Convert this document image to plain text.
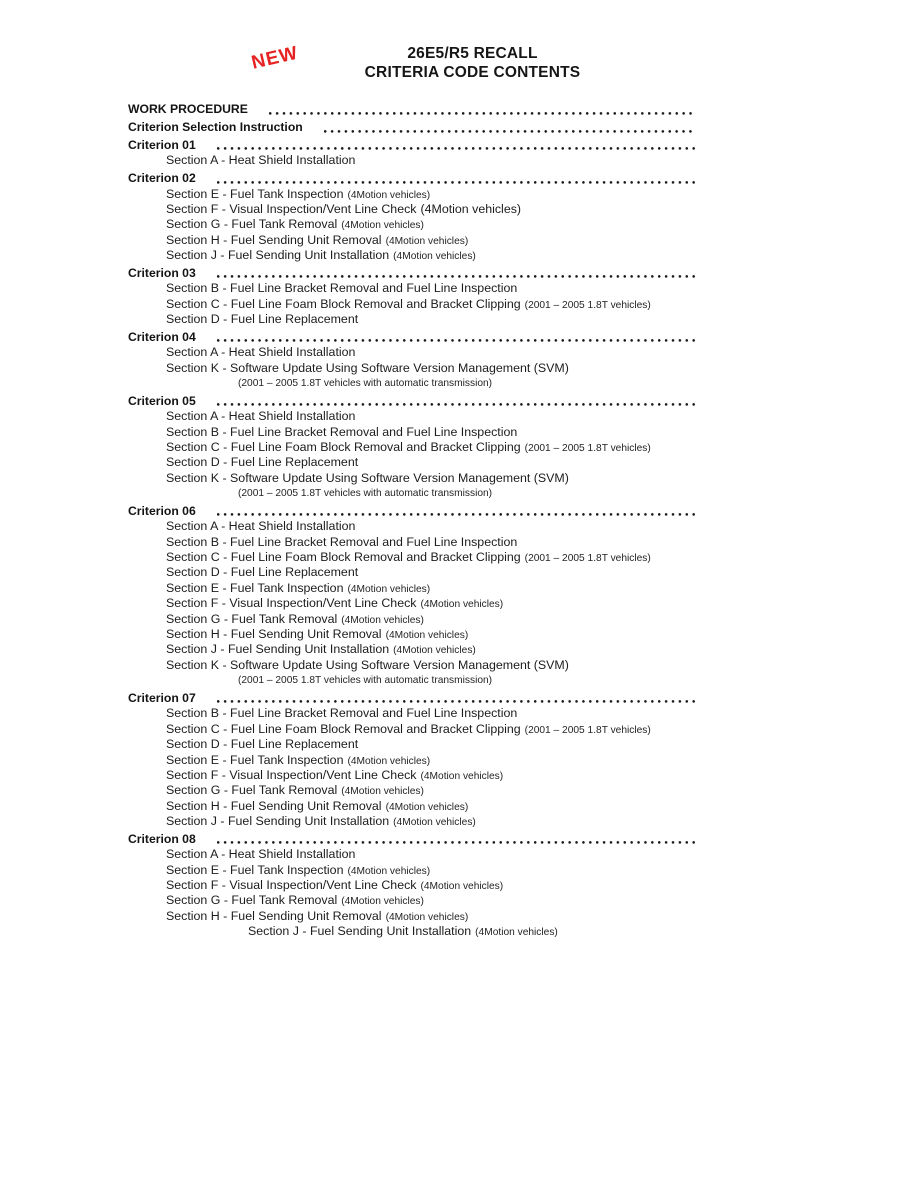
NEW	26E5/R5 RECALL
CRITERIA CODE CONTENTS
WORK PROCEDURE
Criterion Selection Instruction
Criterion 01
Section A - Heat Shield Installation
Criterion 02
Section E - Fuel Tank Inspection (4Motion vehicles)
Section F - Visual Inspection/Vent Line Check (4Motion vehicles)
Section G - Fuel Tank Removal (4Motion vehicles)
Section H - Fuel Sending Unit Removal (4Motion vehicles)
Section J - Fuel Sending Unit Installation (4Motion vehicles)
Criterion 03
Section B - Fuel Line Bracket Removal and Fuel Line Inspection
Section C - Fuel Line Foam Block Removal and Bracket Clipping (2001 – 2005 1.8T vehicles)
Section D - Fuel Line Replacement
Criterion 04
Section A - Heat Shield Installation
Section K - Software Update Using Software Version Management (SVM)
(2001 – 2005 1.8T vehicles with automatic transmission)
Criterion 05
Section A - Heat Shield Installation
Section B - Fuel Line Bracket Removal and Fuel Line Inspection
Section C - Fuel Line Foam Block Removal and Bracket Clipping (2001 – 2005 1.8T vehicles)
Section D - Fuel Line Replacement
Section K - Software Update Using Software Version Management (SVM)
(2001 – 2005 1.8T vehicles with automatic transmission)
Criterion 06
Section A - Heat Shield Installation
Section B - Fuel Line Bracket Removal and Fuel Line Inspection
Section C - Fuel Line Foam Block Removal and Bracket Clipping (2001 – 2005 1.8T vehicles)
Section D - Fuel Line Replacement
Section E - Fuel Tank Inspection (4Motion vehicles)
Section F - Visual Inspection/Vent Line Check (4Motion vehicles)
Section G - Fuel Tank Removal (4Motion vehicles)
Section H - Fuel Sending Unit Removal (4Motion vehicles)
Section J - Fuel Sending Unit Installation (4Motion vehicles)
Section K - Software Update Using Software Version Management (SVM)
(2001 – 2005 1.8T vehicles with automatic transmission)
Criterion 07
Section B - Fuel Line Bracket Removal and Fuel Line Inspection
Section C - Fuel Line Foam Block Removal and Bracket Clipping (2001 – 2005 1.8T vehicles)
Section D - Fuel Line Replacement
Section E - Fuel Tank Inspection (4Motion vehicles)
Section F - Visual Inspection/Vent Line Check (4Motion vehicles)
Section G - Fuel Tank Removal (4Motion vehicles)
Section H - Fuel Sending Unit Removal (4Motion vehicles)
Section J - Fuel Sending Unit Installation (4Motion vehicles)
Criterion 08
Section A - Heat Shield Installation
Section E - Fuel Tank Inspection (4Motion vehicles)
Section F - Visual Inspection/Vent Line Check (4Motion vehicles)
Section G - Fuel Tank Removal (4Motion vehicles)
Section H - Fuel Sending Unit Removal (4Motion vehicles)
Section J - Fuel Sending Unit Installation (4Motion vehicles)
